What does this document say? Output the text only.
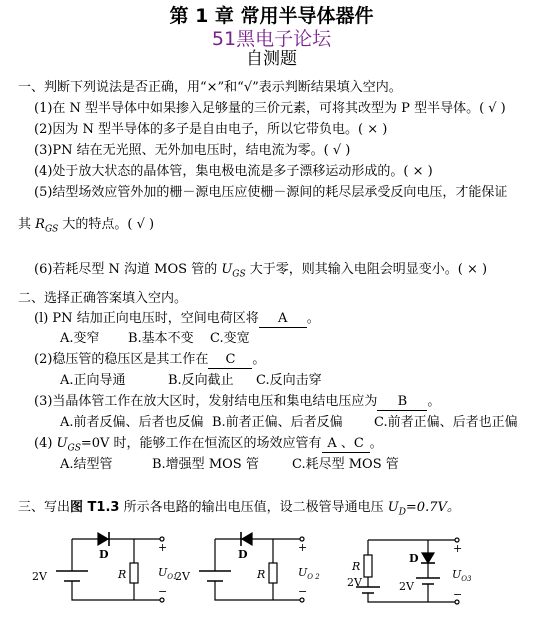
第 1 章 常用半导体器件
51黑电子论坛
自测题
一、判断下列说法是否正确，用“×”和“√”表示判断结果填入空内。
(1)在 N 型半导体中如果掺入足够量的三价元素，可将其改型为 P 型半导体。( √ )
(2)因为 N 型半导体的多子是自由电子，所以它带负电。( × )
(3)PN 结在无光照、无外加电压时，结电流为零。( √ )
(4)处于放大状态的晶体管，集电极电流是多子漂移运动形成的。( × )
(5)结型场效应管外加的栅－源电压应使栅－源间的耗尽层承受反向电压，才能保证
其 $R_{GS}$ 大的特点。( √ )
(6)若耗尽型 N 沟道 MOS 管的 $U_{GS}$ 大于零，则其输入电阻会明显变小。( × )
二、选择正确答案填入空内。
(l) PN 结加正向电压时，空间电荷区将 A 。
A.变窄 B.基本不变 C.变宽
(2)稳压管的稳压区是其工作在 C 。
A.正向导通	B.反向截止 C.反向击穿
(3)当晶体管工作在放大区时，发射结电压和集电结电压应为 B 。
A.前者反偏、后者也反偏 B.前者正偏、后者反偏 C.前者正偏、后者也正偏
(4) $U_{GS}=0V$ 时，能够工作在恒流区的场效应管有 A 、C 。
A.结型管	B.增强型 MOS 管	C.耗尽型 MOS 管
三、写出图 T1.3 所示各电路的输出电压值，设二极管导通电压 $U_D=0.7V$。
2V
D
R
+
−
$U_{O1}$
2V
D
R
+
−
$U_{O 2}$
R
D
2V	2V
+
−
$U_{O3}$
